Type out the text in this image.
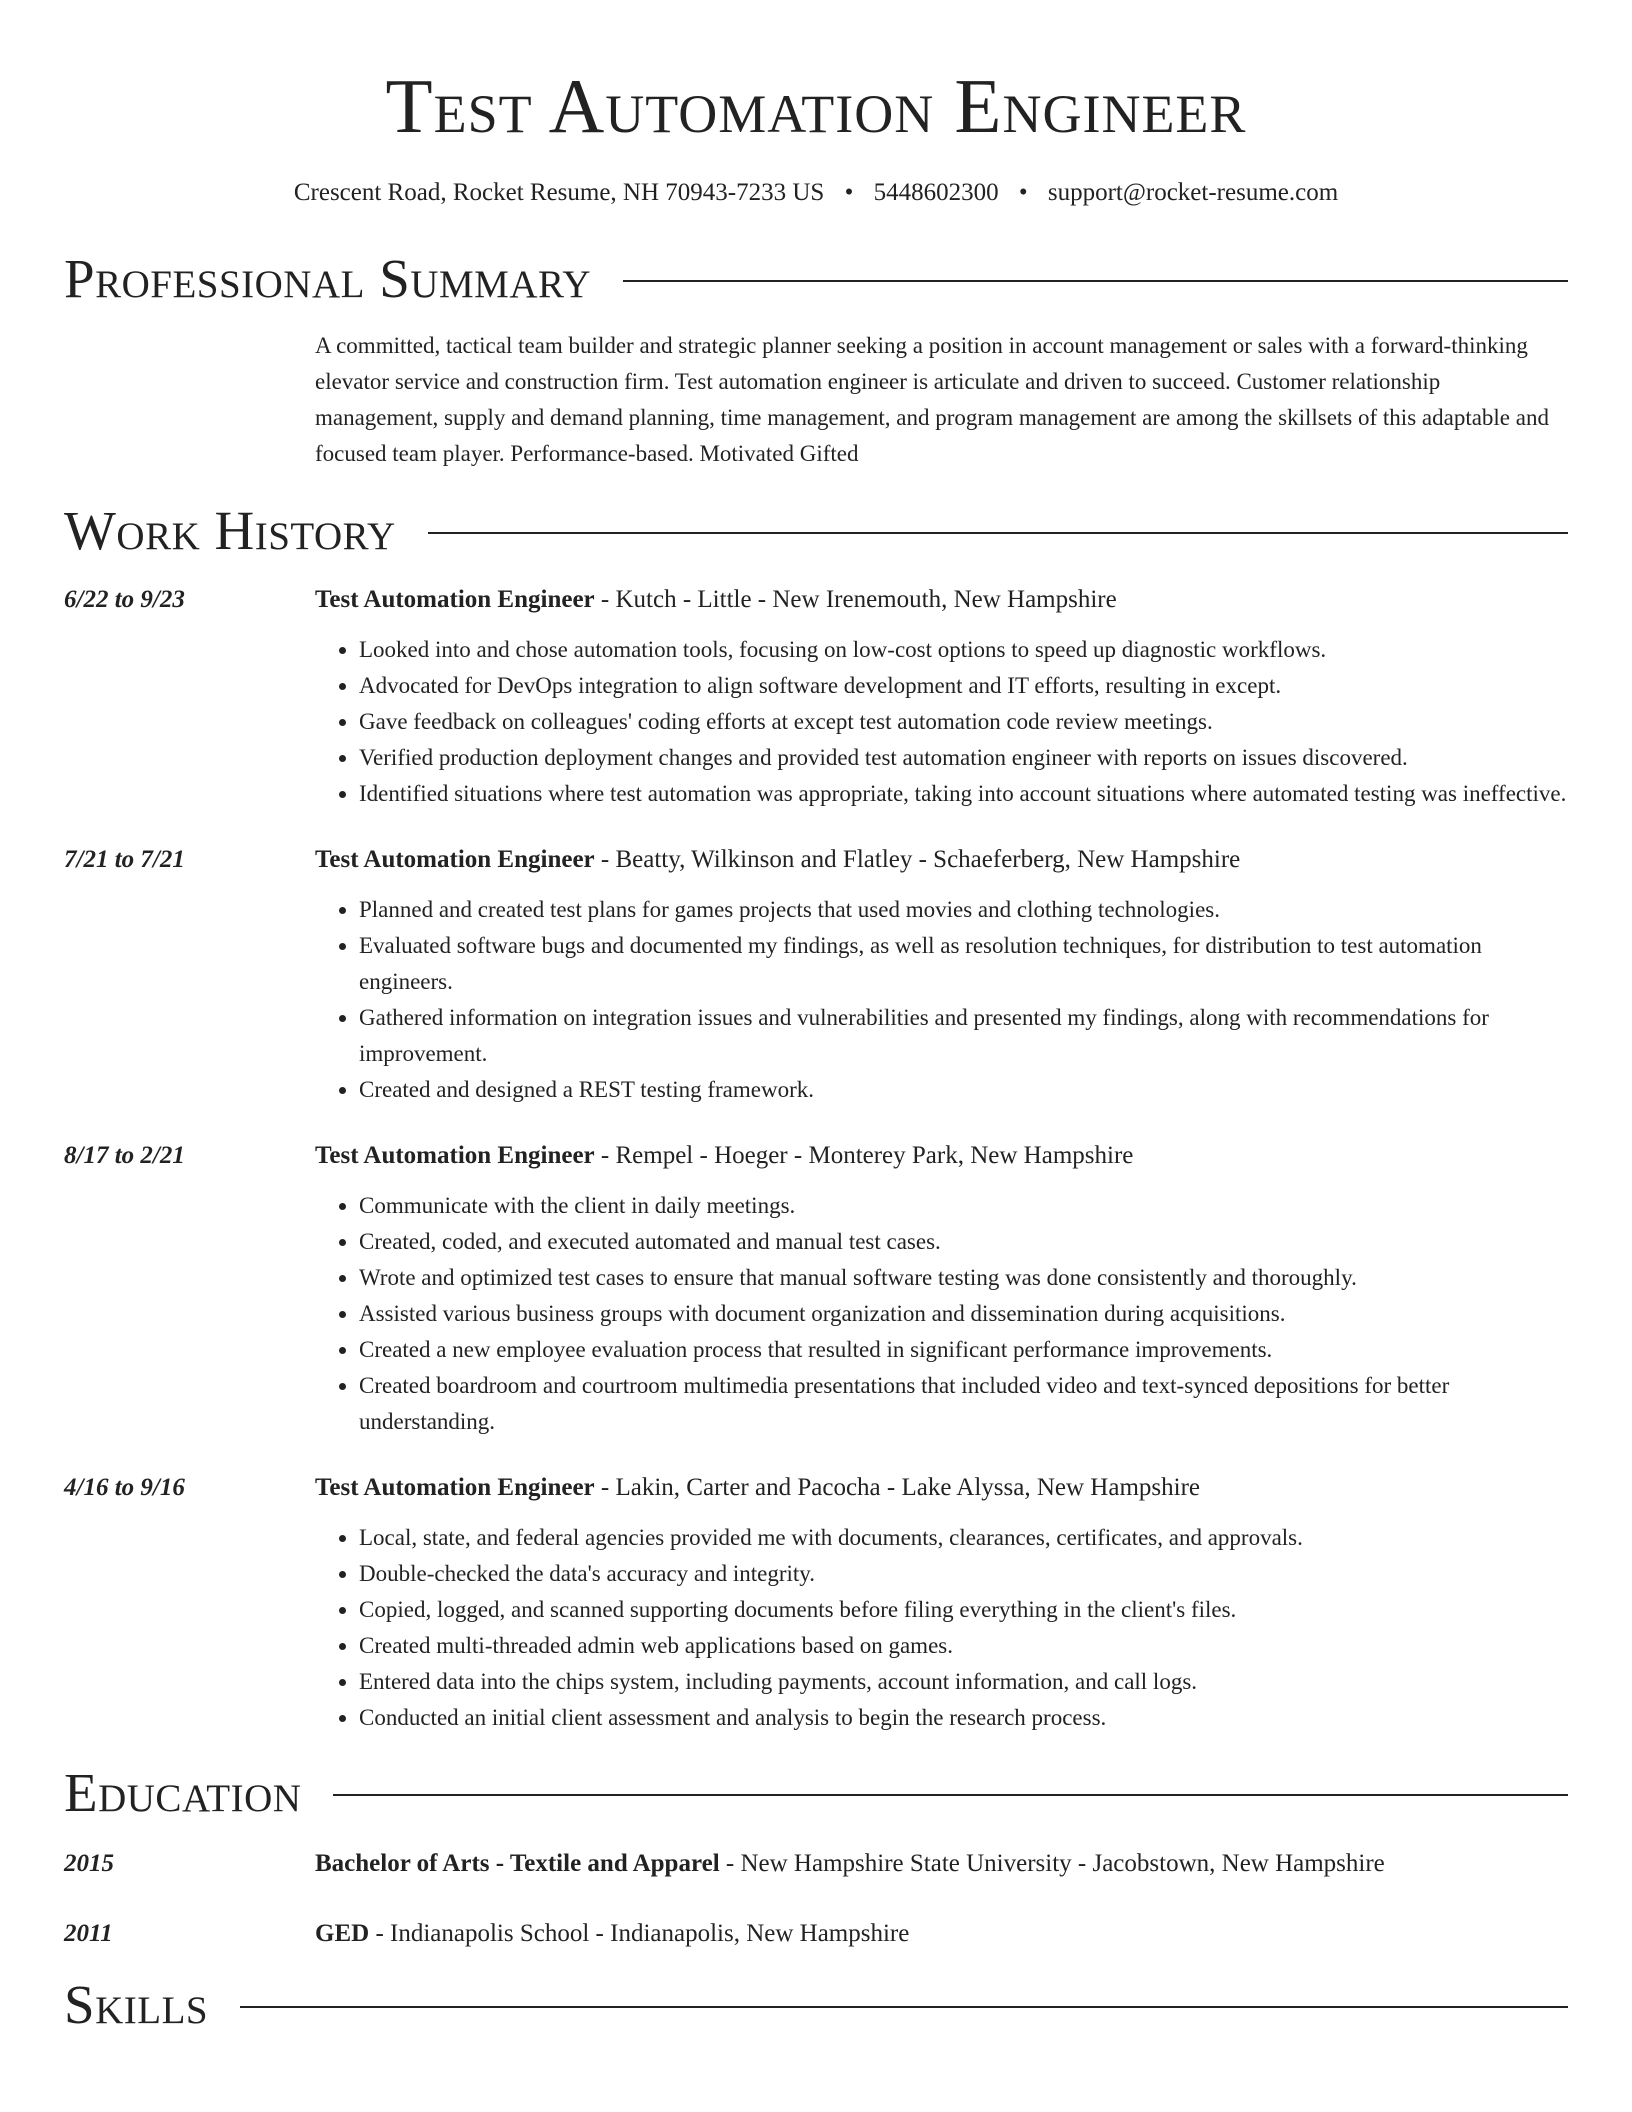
Test Automation Engineer
Crescent Road, Rocket Resume, NH 70943-7233 US • 5448602300 • support@rocket-resume.com
Professional Summary
A committed, tactical team builder and strategic planner seeking a position in account management or sales with a forward-thinking elevator service and construction firm. Test automation engineer is articulate and driven to succeed. Customer relationship management, supply and demand planning, time management, and program management are among the skillsets of this adaptable and focused team player. Performance-based. Motivated Gifted
Work History
6/22 to 9/23	Test Automation Engineer - Kutch - Little - New Irenemouth, New Hampshire
• Looked into and chose automation tools, focusing on low-cost options to speed up diagnostic workflows.
• Advocated for DevOps integration to align software development and IT efforts, resulting in except.
• Gave feedback on colleagues' coding efforts at except test automation code review meetings.
• Verified production deployment changes and provided test automation engineer with reports on issues discovered.
• Identified situations where test automation was appropriate, taking into account situations where automated testing was ineffective.
7/21 to 7/21	Test Automation Engineer - Beatty, Wilkinson and Flatley - Schaeferberg, New Hampshire
• Planned and created test plans for games projects that used movies and clothing technologies.
• Evaluated software bugs and documented my findings, as well as resolution techniques, for distribution to test automation engineers.
• Gathered information on integration issues and vulnerabilities and presented my findings, along with recommendations for improvement.
• Created and designed a REST testing framework.
8/17 to 2/21	Test Automation Engineer - Rempel - Hoeger - Monterey Park, New Hampshire
• Communicate with the client in daily meetings.
• Created, coded, and executed automated and manual test cases.
• Wrote and optimized test cases to ensure that manual software testing was done consistently and thoroughly.
• Assisted various business groups with document organization and dissemination during acquisitions.
• Created a new employee evaluation process that resulted in significant performance improvements.
• Created boardroom and courtroom multimedia presentations that included video and text-synced depositions for better understanding.
4/16 to 9/16	Test Automation Engineer - Lakin, Carter and Pacocha - Lake Alyssa, New Hampshire
• Local, state, and federal agencies provided me with documents, clearances, certificates, and approvals.
• Double-checked the data's accuracy and integrity.
• Copied, logged, and scanned supporting documents before filing everything in the client's files.
• Created multi-threaded admin web applications based on games.
• Entered data into the chips system, including payments, account information, and call logs.
• Conducted an initial client assessment and analysis to begin the research process.
Education
2015	Bachelor of Arts - Textile and Apparel - New Hampshire State University - Jacobstown, New Hampshire
2011	GED - Indianapolis School - Indianapolis, New Hampshire
Skills
